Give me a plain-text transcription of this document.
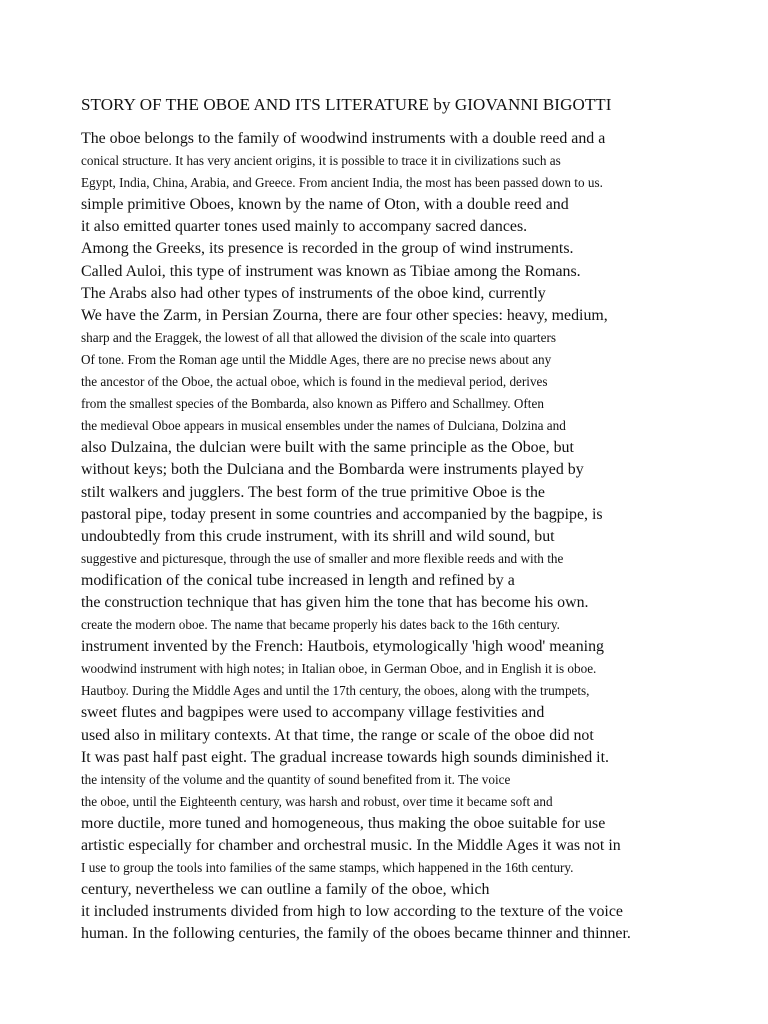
STORY OF THE OBOE AND ITS LITERATURE by GIOVANNI BIGOTTI
The oboe belongs to the family of woodwind instruments with a double reed and a
conical structure. It has very ancient origins, it is possible to trace it in civilizations such as
Egypt, India, China, Arabia, and Greece. From ancient India, the most has been passed down to us.
simple primitive Oboes, known by the name of Oton, with a double reed and
it also emitted quarter tones used mainly to accompany sacred dances.
Among the Greeks, its presence is recorded in the group of wind instruments.
Called Auloi, this type of instrument was known as Tibiae among the Romans.
The Arabs also had other types of instruments of the oboe kind, currently
We have the Zarm, in Persian Zourna, there are four other species: heavy, medium,
sharp and the Eraggek, the lowest of all that allowed the division of the scale into quarters
Of tone. From the Roman age until the Middle Ages, there are no precise news about any
the ancestor of the Oboe, the actual oboe, which is found in the medieval period, derives
from the smallest species of the Bombarda, also known as Piffero and Schallmey. Often
the medieval Oboe appears in musical ensembles under the names of Dulciana, Dolzina and
also Dulzaina, the dulcian were built with the same principle as the Oboe, but
without keys; both the Dulciana and the Bombarda were instruments played by
stilt walkers and jugglers. The best form of the true primitive Oboe is the
pastoral pipe, today present in some countries and accompanied by the bagpipe, is
undoubtedly from this crude instrument, with its shrill and wild sound, but
suggestive and picturesque, through the use of smaller and more flexible reeds and with the
modification of the conical tube increased in length and refined by a
the construction technique that has given him the tone that has become his own.
create the modern oboe. The name that became properly his dates back to the 16th century.
instrument invented by the French: Hautbois, etymologically 'high wood' meaning
woodwind instrument with high notes; in Italian oboe, in German Oboe, and in English it is oboe.
Hautboy. During the Middle Ages and until the 17th century, the oboes, along with the trumpets,
sweet flutes and bagpipes were used to accompany village festivities and
used also in military contexts. At that time, the range or scale of the oboe did not
It was past half past eight. The gradual increase towards high sounds diminished it.
the intensity of the volume and the quantity of sound benefited from it. The voice
the oboe, until the Eighteenth century, was harsh and robust, over time it became soft and
more ductile, more tuned and homogeneous, thus making the oboe suitable for use
artistic especially for chamber and orchestral music. In the Middle Ages it was not in
I use to group the tools into families of the same stamps, which happened in the 16th century.
century, nevertheless we can outline a family of the oboe, which
it included instruments divided from high to low according to the texture of the voice
human. In the following centuries, the family of the oboes became thinner and thinner.
